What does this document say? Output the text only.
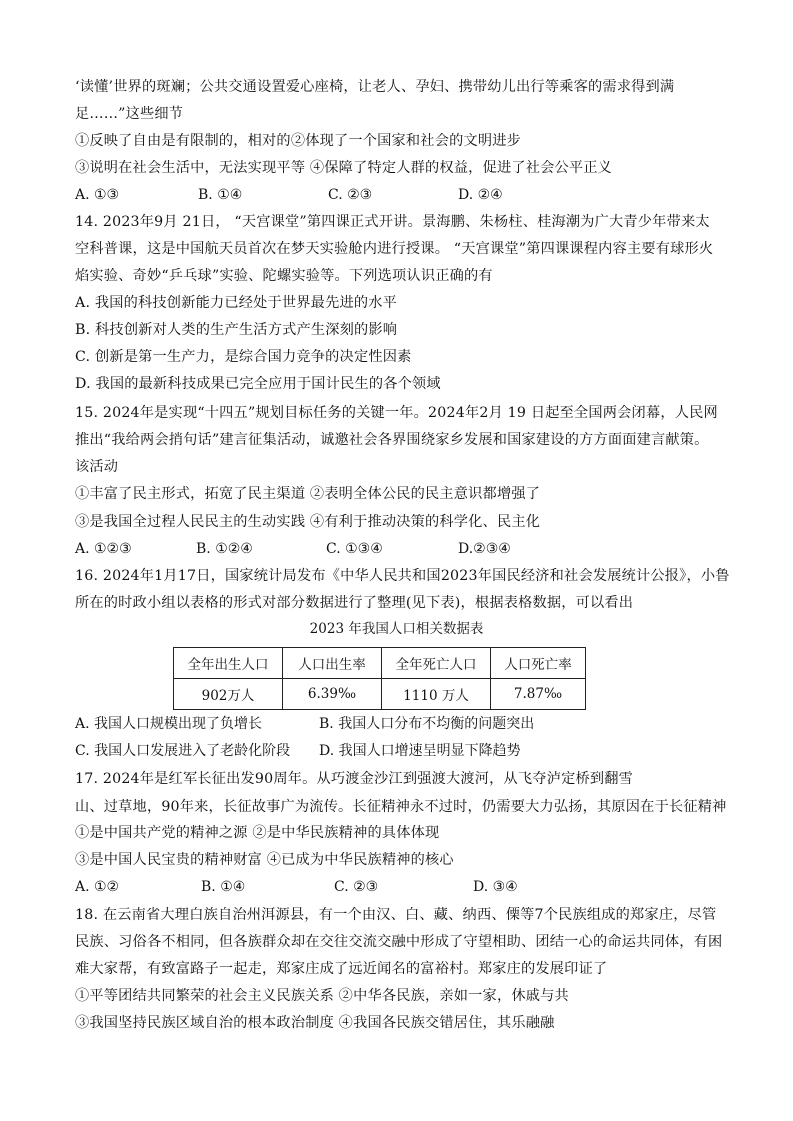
‘读懂’世界的斑斓；公共交通设置爱心座椅，让老人、孕妇、携带幼儿出行等乘客的需求得到满
足……”这些细节
①反映了自由是有限制的，相对的②体现了一个国家和社会的文明进步
③说明在社会生活中，无法实现平等 ④保障了特定人群的权益，促进了社会公平正义
A. ①③	B. ①④	C. ②③	D. ②④
14. 2023年9月 21日， “天宫课堂”第四课正式开讲。景海鹏、朱杨柱、桂海潮为广大青少年带来太
空科普课，这是中国航天员首次在梦天实验舱内进行授课。 “天宫课堂”第四课课程内容主要有球形火
焰实验、奇妙“乒乓球”实验、陀螺实验等。下列选项认识正确的有
A. 我国的科技创新能力已经处于世界最先进的水平
B. 科技创新对人类的生产生活方式产生深刻的影响
C. 创新是第一生产力，是综合国力竞争的决定性因素
D. 我国的最新科技成果已完全应用于国计民生的各个领域
15. 2024年是实现“十四五”规划目标任务的关键一年。2024年2月 19 日起至全国两会闭幕，人民网
推出“我给两会捎句话”建言征集活动，诚邀社会各界围绕家乡发展和国家建设的方方面面建言献策。
该活动
①丰富了民主形式，拓宽了民主渠道 ②表明全体公民的民主意识都增强了
③是我国全过程人民民主的生动实践 ④有利于推动决策的科学化、民主化
A. ①②③	B. ①②④	C. ①③④	D.②③④
16. 2024年1月17日，国家统计局发布《中华人民共和国2023年国民经济和社会发展统计公报》，小鲁
所在的时政小组以表格的形式对部分数据进行了整理(见下表)，根据表格数据，可以看出
2023 年我国人口相关数据表
全年出生人口	人口出生率	全年死亡人口	人口死亡率
902万人	6.39‰	1110 万人	7.87‰
A. 我国人口规模出现了负增长	B. 我国人口分布不均衡的问题突出
C. 我国人口发展进入了老龄化阶段 D. 我国人口增速呈明显下降趋势
17. 2024年是红军长征出发90周年。从巧渡金沙江到强渡大渡河，从飞夺泸定桥到翻雪
山、过草地，90年来，长征故事广为流传。长征精神永不过时，仍需要大力弘扬，其原因在于长征精神
①是中国共产党的精神之源 ②是中华民族精神的具体体现
③是中国人民宝贵的精神财富 ④已成为中华民族精神的核心
A. ①②	B. ①④	C. ②③	D. ③④
18. 在云南省大理白族自治州洱源县，有一个由汉、白、藏、纳西、傈等7个民族组成的郑家庄，尽管
民族、习俗各不相同，但各族群众却在交往交流交融中形成了守望相助、团结一心的命运共同体，有困
难大家帮，有致富路子一起走，郑家庄成了远近闻名的富裕村。郑家庄的发展印证了
①平等团结共同繁荣的社会主义民族关系 ②中华各民族，亲如一家，休戚与共
③我国坚持民族区域自治的根本政治制度 ④我国各民族交错居住，其乐融融
